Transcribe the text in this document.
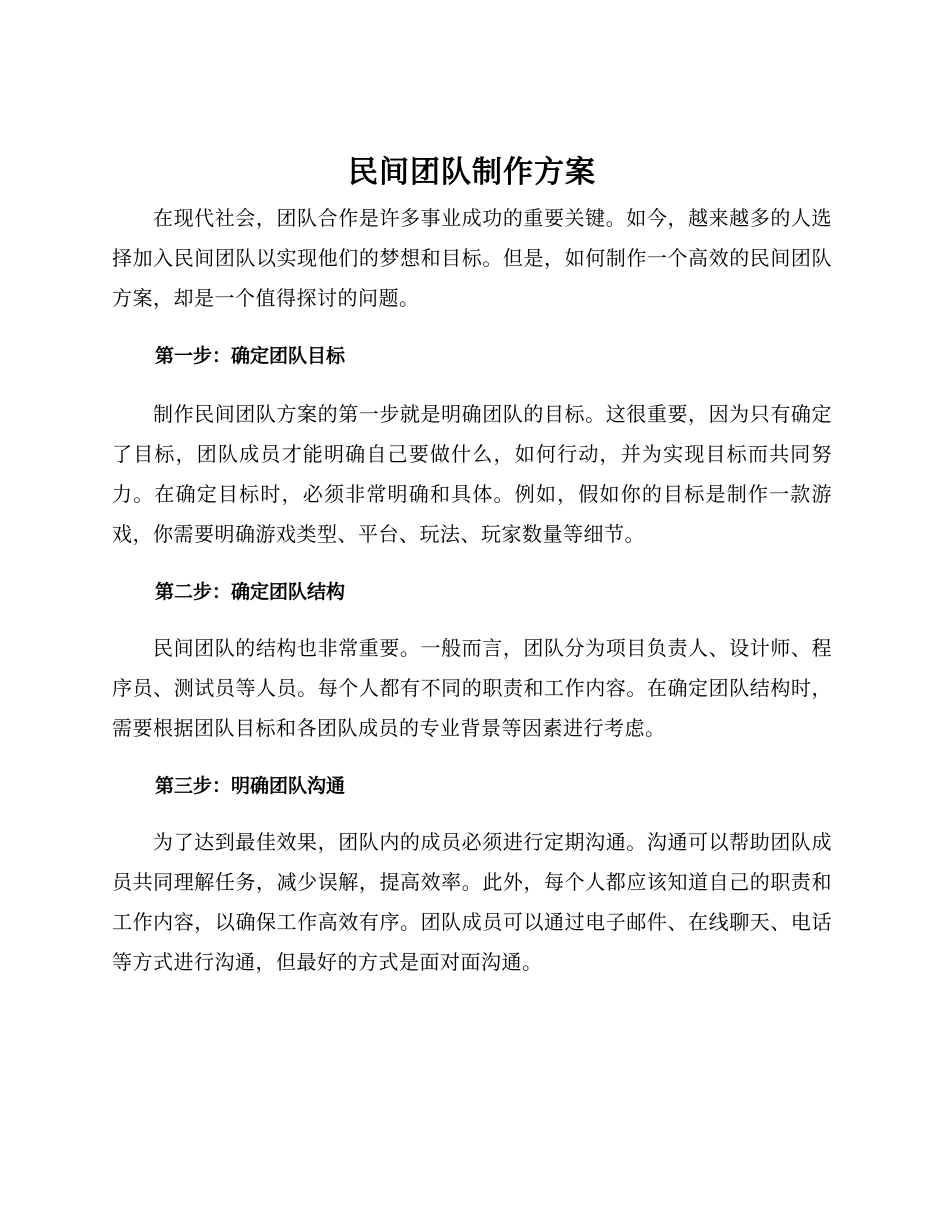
民间团队制作方案

在现代社会，团队合作是许多事业成功的重要关键。如今，越来越多的人选择加入民间团队以实现他们的梦想和目标。但是，如何制作一个高效的民间团队方案，却是一个值得探讨的问题。

第一步：确定团队目标

制作民间团队方案的第一步就是明确团队的目标。这很重要，因为只有确定了目标，团队成员才能明确自己要做什么，如何行动，并为实现目标而共同努力。在确定目标时，必须非常明确和具体。例如，假如你的目标是制作一款游戏，你需要明确游戏类型、平台、玩法、玩家数量等细节。

第二步：确定团队结构

民间团队的结构也非常重要。一般而言，团队分为项目负责人、设计师、程序员、测试员等人员。每个人都有不同的职责和工作内容。在确定团队结构时，需要根据团队目标和各团队成员的专业背景等因素进行考虑。

第三步：明确团队沟通

为了达到最佳效果，团队内的成员必须进行定期沟通。沟通可以帮助团队成员共同理解任务，减少误解，提高效率。此外，每个人都应该知道自己的职责和工作内容，以确保工作高效有序。团队成员可以通过电子邮件、在线聊天、电话等方式进行沟通，但最好的方式是面对面沟通。
